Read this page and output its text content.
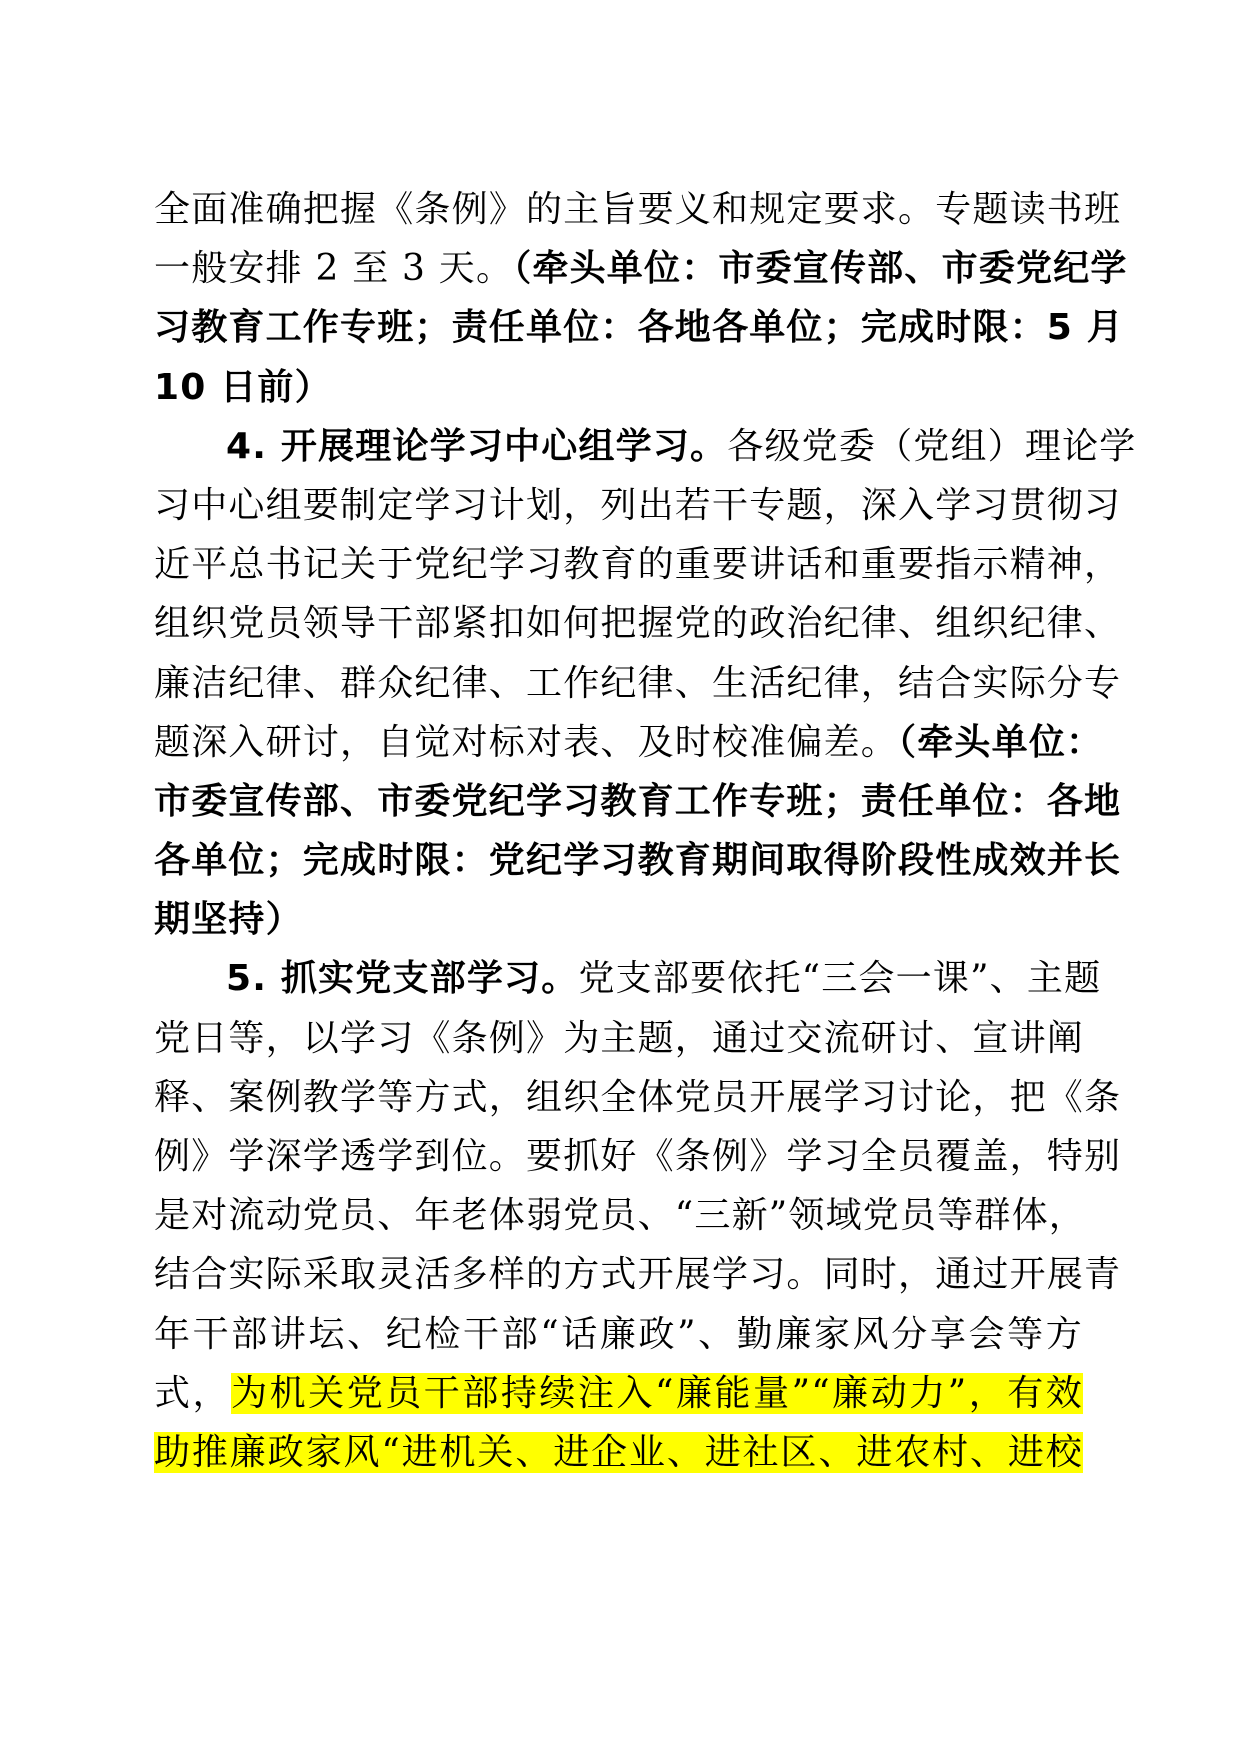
全面准确把握《条例》的主旨要义和规定要求。专题读书班
一般安排 2 至 3 天。（牵头单位：市委宣传部、市委党纪学
习教育工作专班；责任单位：各地各单位；完成时限：5 月
10 日前）
4. 开展理论学习中心组学习。各级党委（党组）理论学
习中心组要制定学习计划，列出若干专题，深入学习贯彻习
近平总书记关于党纪学习教育的重要讲话和重要指示精神，
组织党员领导干部紧扣如何把握党的政治纪律、组织纪律、
廉洁纪律、群众纪律、工作纪律、生活纪律，结合实际分专
题深入研讨，自觉对标对表、及时校准偏差。（牵头单位：
市委宣传部、市委党纪学习教育工作专班；责任单位：各地
各单位；完成时限：党纪学习教育期间取得阶段性成效并长
期坚持）
5. 抓实党支部学习。党支部要依托“三会一课”、主题
党日等，以学习《条例》为主题，通过交流研讨、宣讲阐
释、案例教学等方式，组织全体党员开展学习讨论，把《条
例》学深学透学到位。要抓好《条例》学习全员覆盖，特别
是对流动党员、年老体弱党员、“三新”领域党员等群体，
结合实际采取灵活多样的方式开展学习。同时，通过开展青
年干部讲坛、纪检干部“话廉政”、勤廉家风分享会等方
式，为机关党员干部持续注入“廉能量”“廉动力”，有效
助推廉政家风“进机关、进企业、进社区、进农村、进校
